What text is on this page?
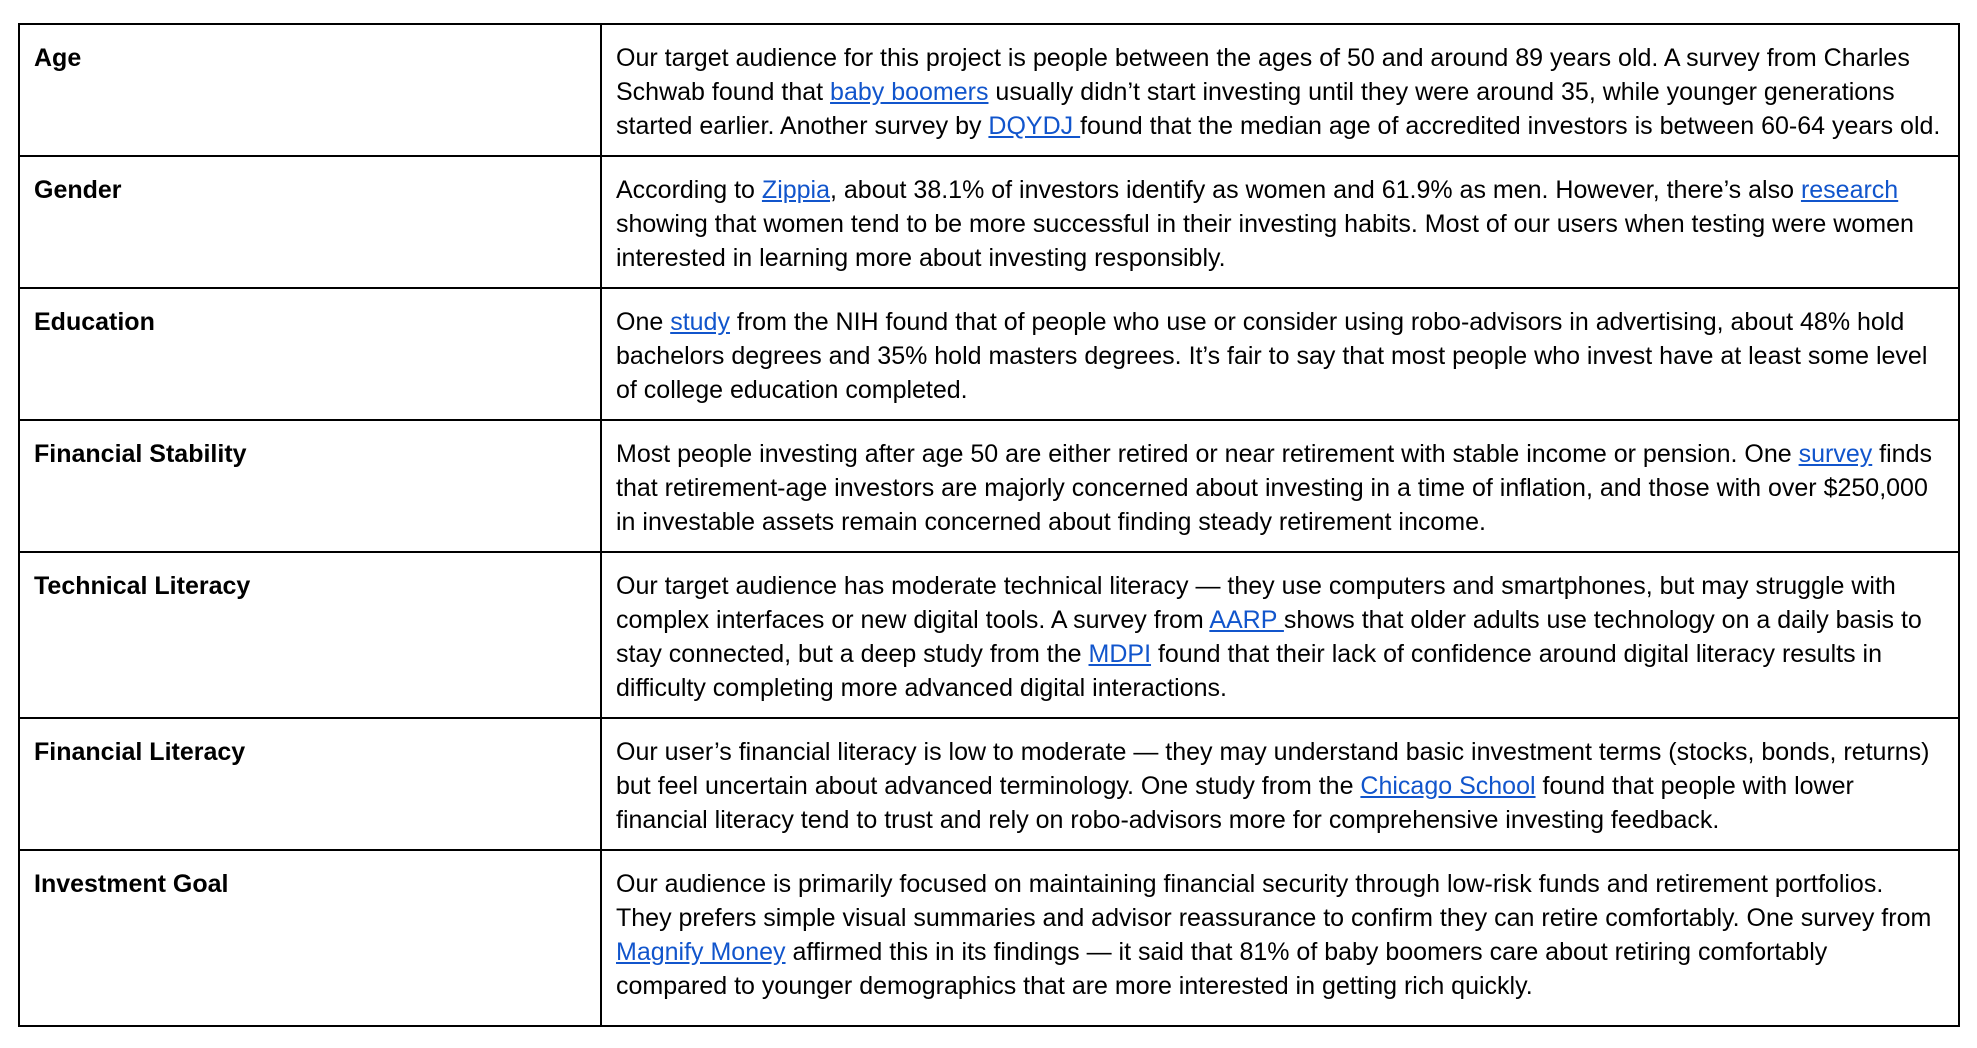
Age	Our target audience for this project is people between the ages of 50 and around 89 years old. A survey from Charles Schwab found that baby boomers usually didn’t start investing until they were around 35, while younger generations started earlier. Another survey by DQYDJ found that the median age of accredited investors is between 60-64 years old.
Gender	According to Zippia, about 38.1% of investors identify as women and 61.9% as men. However, there’s also research showing that women tend to be more successful in their investing habits. Most of our users when testing were women interested in learning more about investing responsibly.
Education	One study from the NIH found that of people who use or consider using robo-advisors in advertising, about 48% hold bachelors degrees and 35% hold masters degrees. It’s fair to say that most people who invest have at least some level of college education completed.
Financial Stability	Most people investing after age 50 are either retired or near retirement with stable income or pension. One survey finds that retirement-age investors are majorly concerned about investing in a time of inflation, and those with over $250,000 in investable assets remain concerned about finding steady retirement income.
Technical Literacy	Our target audience has moderate technical literacy — they use computers and smartphones, but may struggle with complex interfaces or new digital tools. A survey from AARP shows that older adults use technology on a daily basis to stay connected, but a deep study from the MDPI found that their lack of confidence around digital literacy results in difficulty completing more advanced digital interactions.
Financial Literacy	Our user’s financial literacy is low to moderate — they may understand basic investment terms (stocks, bonds, returns) but feel uncertain about advanced terminology. One study from the Chicago School found that people with lower financial literacy tend to trust and rely on robo-advisors more for comprehensive investing feedback.
Investment Goal	Our audience is primarily focused on maintaining financial security through low-risk funds and retirement portfolios. They prefers simple visual summaries and advisor reassurance to confirm they can retire comfortably. One survey from Magnify Money affirmed this in its findings — it said that 81% of baby boomers care about retiring comfortably compared to younger demographics that are more interested in getting rich quickly.
